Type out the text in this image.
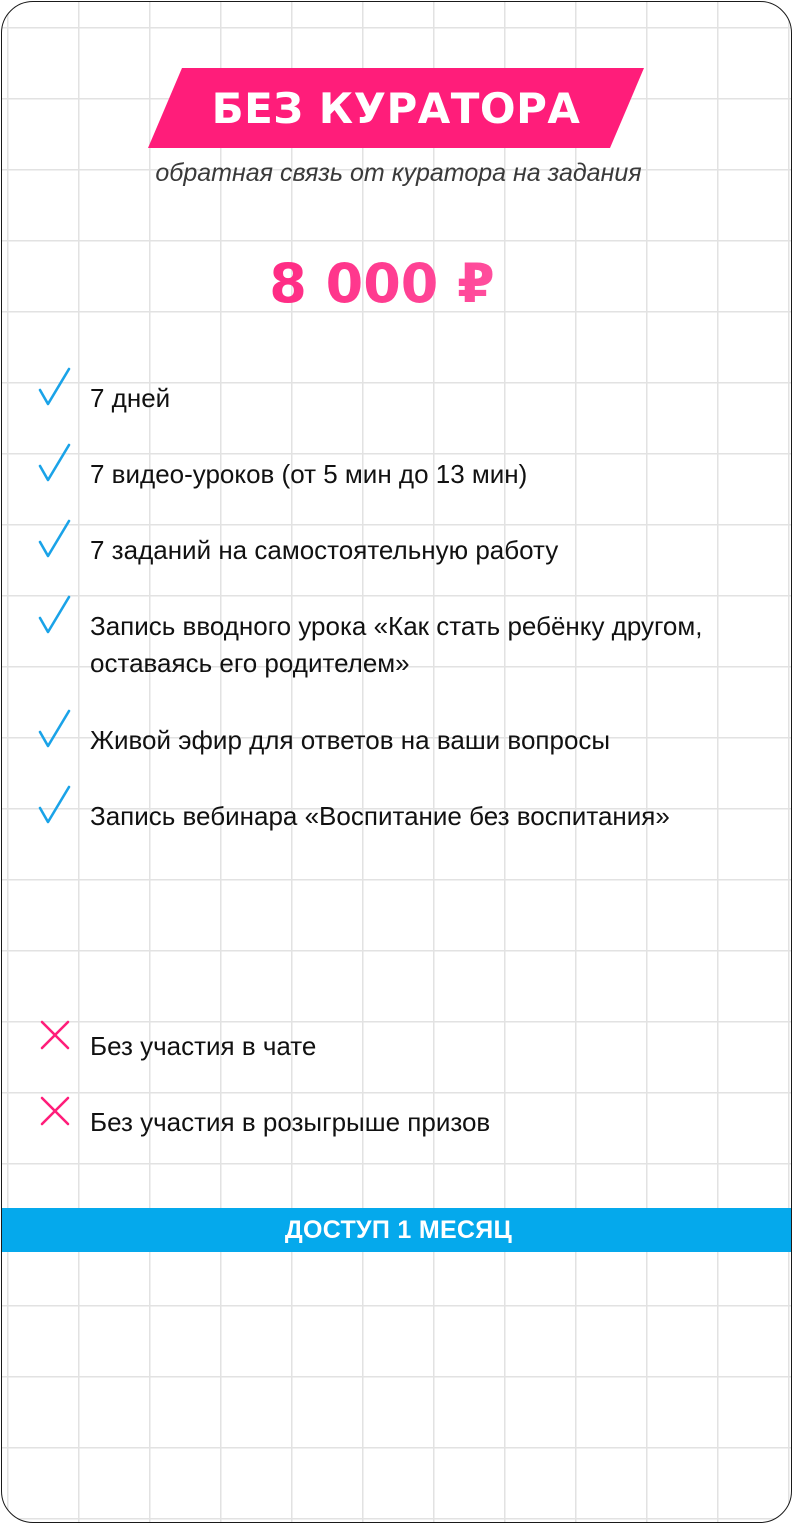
БЕЗ КУРАТОРА
обратная связь от куратора на задания
8 000 ₽
7 дней
7 видео-уроков (от 5 мин до 13 мин)
7 заданий на самостоятельную работу
Запись вводного урока «Как стать ребёнку другом, оставаясь его родителем»
Живой эфир для ответов на ваши вопросы
Запись вебинара «Воспитание без воспитания»
Без участия в чате
Без участия в розыгрыше призов
ДОСТУП 1 МЕСЯЦ
